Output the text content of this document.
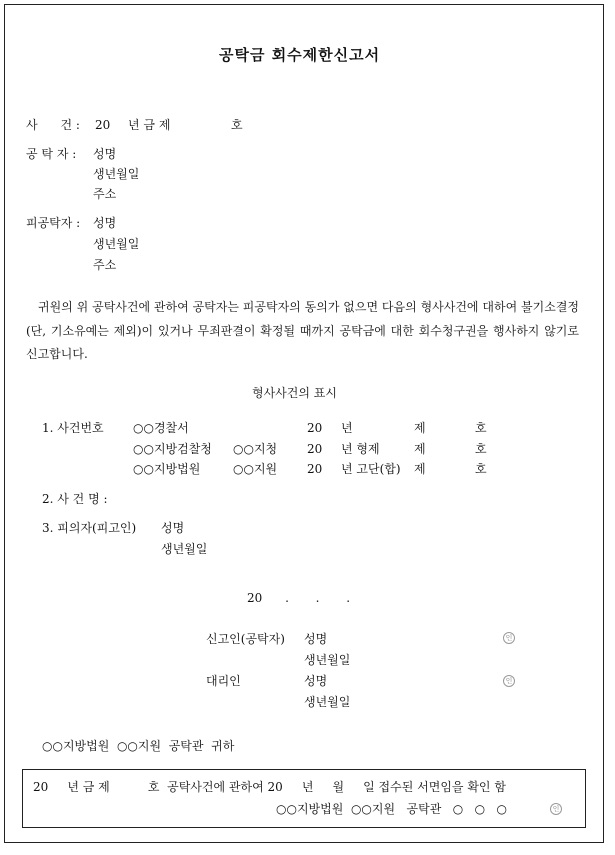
공탁금 회수제한신고서
사      건 : 20 년 금 제	호
공 탁 자 : 성명
생년월일
주소
피공탁자 : 성명
생년월일
주소
귀원의 위 공탁사건에 관하여 공탁자는 피공탁자의 동의가 없으면 다음의 형사사건에 대하여 불기소결정(단, 기소유예는 제외)이 있거나 무죄판결이 확정될 때까지 공탁금에 대한 회수청구권을 행사하지 않기로 신고합니다.
형사사건의 표시
1. 사건번호 ○○경찰서	20 년	제	호
○○지방검찰청 ○○지청 20 년 형제	제	호
○○지방법원	○○지원 20 년 고단(합) 제	호
2. 사 건 명 :
3. 피의자(피고인) 성명
생년월일
20      .       .       .
신고인(공탁자) 성명
생년월일
인
대리인	성명
생년월일
인
○○지방법원  ○○지원  공탁관  귀하
20     년 금 제          호  공탁사건에 관하여 20     년     월     일 접수된 서면임을 확인 함
○○지방법원  ○○지원   공탁관   ○   ○   ○	인
